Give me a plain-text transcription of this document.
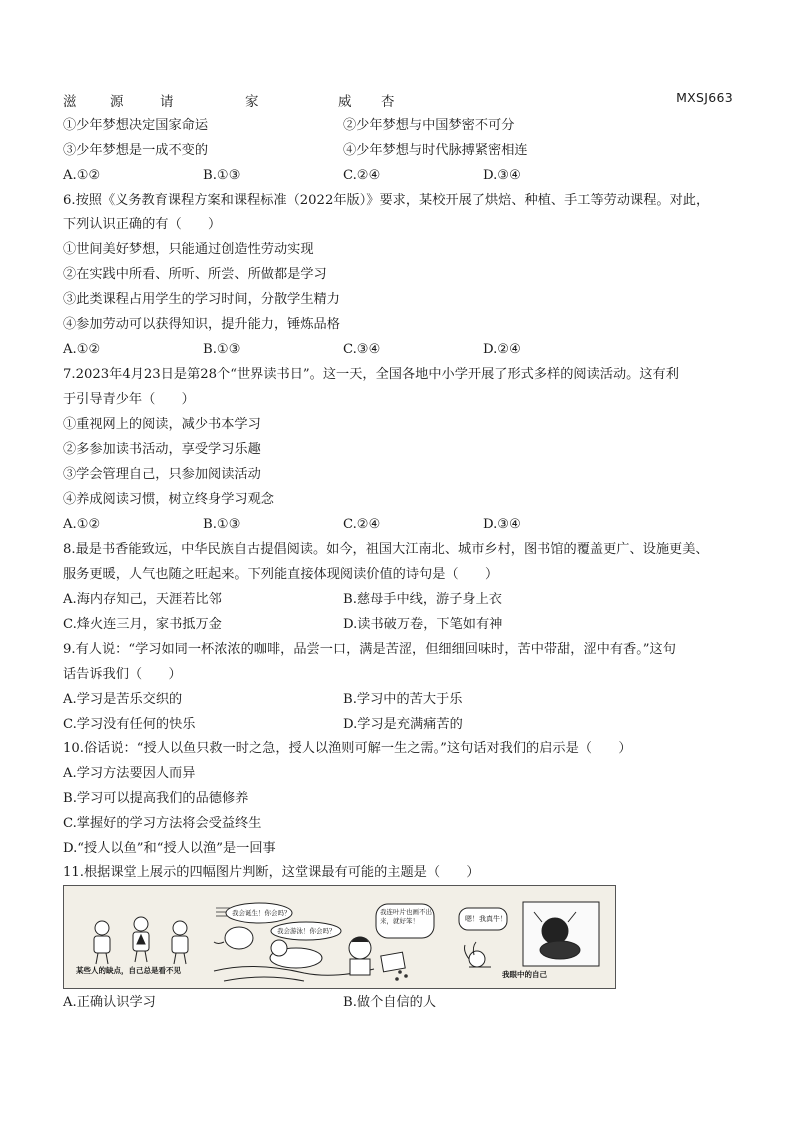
滋 源	请	家	威 杏	MXSJ663
①少年梦想决定国家命运	②少年梦想与中国梦密不可分
③少年梦想是一成不变的	④少年梦想与时代脉搏紧密相连
A.①②	B.①③	C.②④	D.③④
6.按照《义务教育课程方案和课程标准（2022年版）》要求，某校开展了烘焙、种植、手工等劳动课程。对此，
下列认识正确的有（　　）
①世间美好梦想，只能通过创造性劳动实现
②在实践中所看、所听、所尝、所做都是学习
③此类课程占用学生的学习时间，分散学生精力
④参加劳动可以获得知识，提升能力，锤炼品格
A.①②	B.①③	C.③④	D.②④
7.2023年4月23日是第28个“世界读书日”。这一天，全国各地中小学开展了形式多样的阅读活动。这有利
于引导青少年（　　）
①重视网上的阅读，减少书本学习
②多参加读书活动，享受学习乐趣
③学会管理自己，只参加阅读活动
④养成阅读习惯，树立终身学习观念
A.①②	B.①③	C.②④	D.③④
8.最是书香能致远，中华民族自古提倡阅读。如今，祖国大江南北、城市乡村，图书馆的覆盖更广、设施更美、
服务更暖，人气也随之旺起来。下列能直接体现阅读价值的诗句是（　　）
A.海内存知己，天涯若比邻	B.慈母手中线，游子身上衣
C.烽火连三月，家书抵万金	D.读书破万卷，下笔如有神
9.有人说：“学习如同一杯浓浓的咖啡，品尝一口，满是苦涩，但细细回味时，苦中带甜，涩中有香。”这句
话告诉我们（　　）
A.学习是苦乐交织的	B.学习中的苦大于乐
C.学习没有任何的快乐	D.学习是充满痛苦的
10.俗话说：“授人以鱼只救一时之急，授人以渔则可解一生之需。”这句话对我们的启示是（　　）
A.学习方法要因人而异
B.学习可以提高我们的品德修养
C.掌握好的学习方法将会受益终生
D.“授人以鱼”和“授人以渔”是一回事
11.根据课堂上展示的四幅图片判断，这堂课最有可能的主题是（　　）
某些人的缺点，自己总是看不见
我会诞生！你会吗？
我会游泳！你会吗？
我连叶片也画不出来，就好笨！	嗯！我真牛！
我眼中的自己
A.正确认识学习	B.做个自信的人
